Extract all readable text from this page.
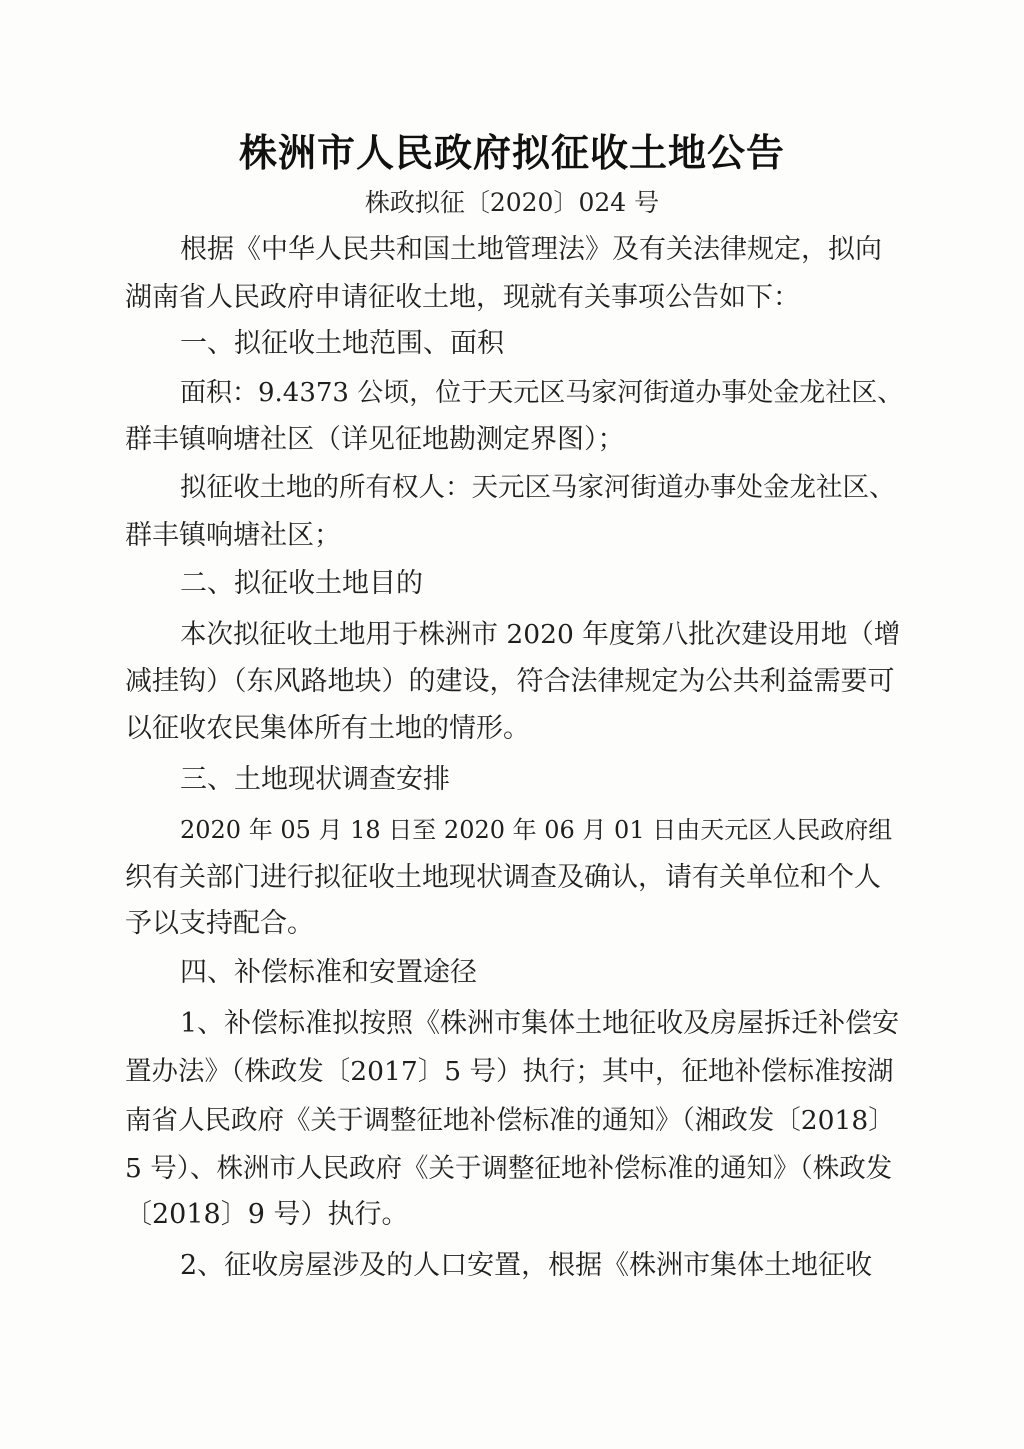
株洲市人民政府拟征收土地公告
株政拟征〔2020〕024 号
根据《中华人民共和国土地管理法》及有关法律规定，拟向
湖南省人民政府申请征收土地，现就有关事项公告如下：
一、拟征收土地范围、面积
面积：9.4373 公顷，位于天元区马家河街道办事处金龙社区、
群丰镇响塘社区（详见征地勘测定界图）；
拟征收土地的所有权人：天元区马家河街道办事处金龙社区、
群丰镇响塘社区；
二、拟征收土地目的
本次拟征收土地用于株洲市 2020 年度第八批次建设用地（增
减挂钩）（东风路地块）的建设，符合法律规定为公共利益需要可
以征收农民集体所有土地的情形。
三、土地现状调查安排
2020 年 05 月 18 日至 2020 年 06 月 01 日由天元区人民政府组
织有关部门进行拟征收土地现状调查及确认，请有关单位和个人
予以支持配合。
四、补偿标准和安置途径
1、补偿标准拟按照《株洲市集体土地征收及房屋拆迁补偿安
置办法》（株政发〔2017〕5 号）执行；其中，征地补偿标准按湖
南省人民政府《关于调整征地补偿标准的通知》（湘政发〔2018〕
5 号）、株洲市人民政府《关于调整征地补偿标准的通知》（株政发
〔2018〕9 号）执行。
2、征收房屋涉及的人口安置，根据《株洲市集体土地征收
